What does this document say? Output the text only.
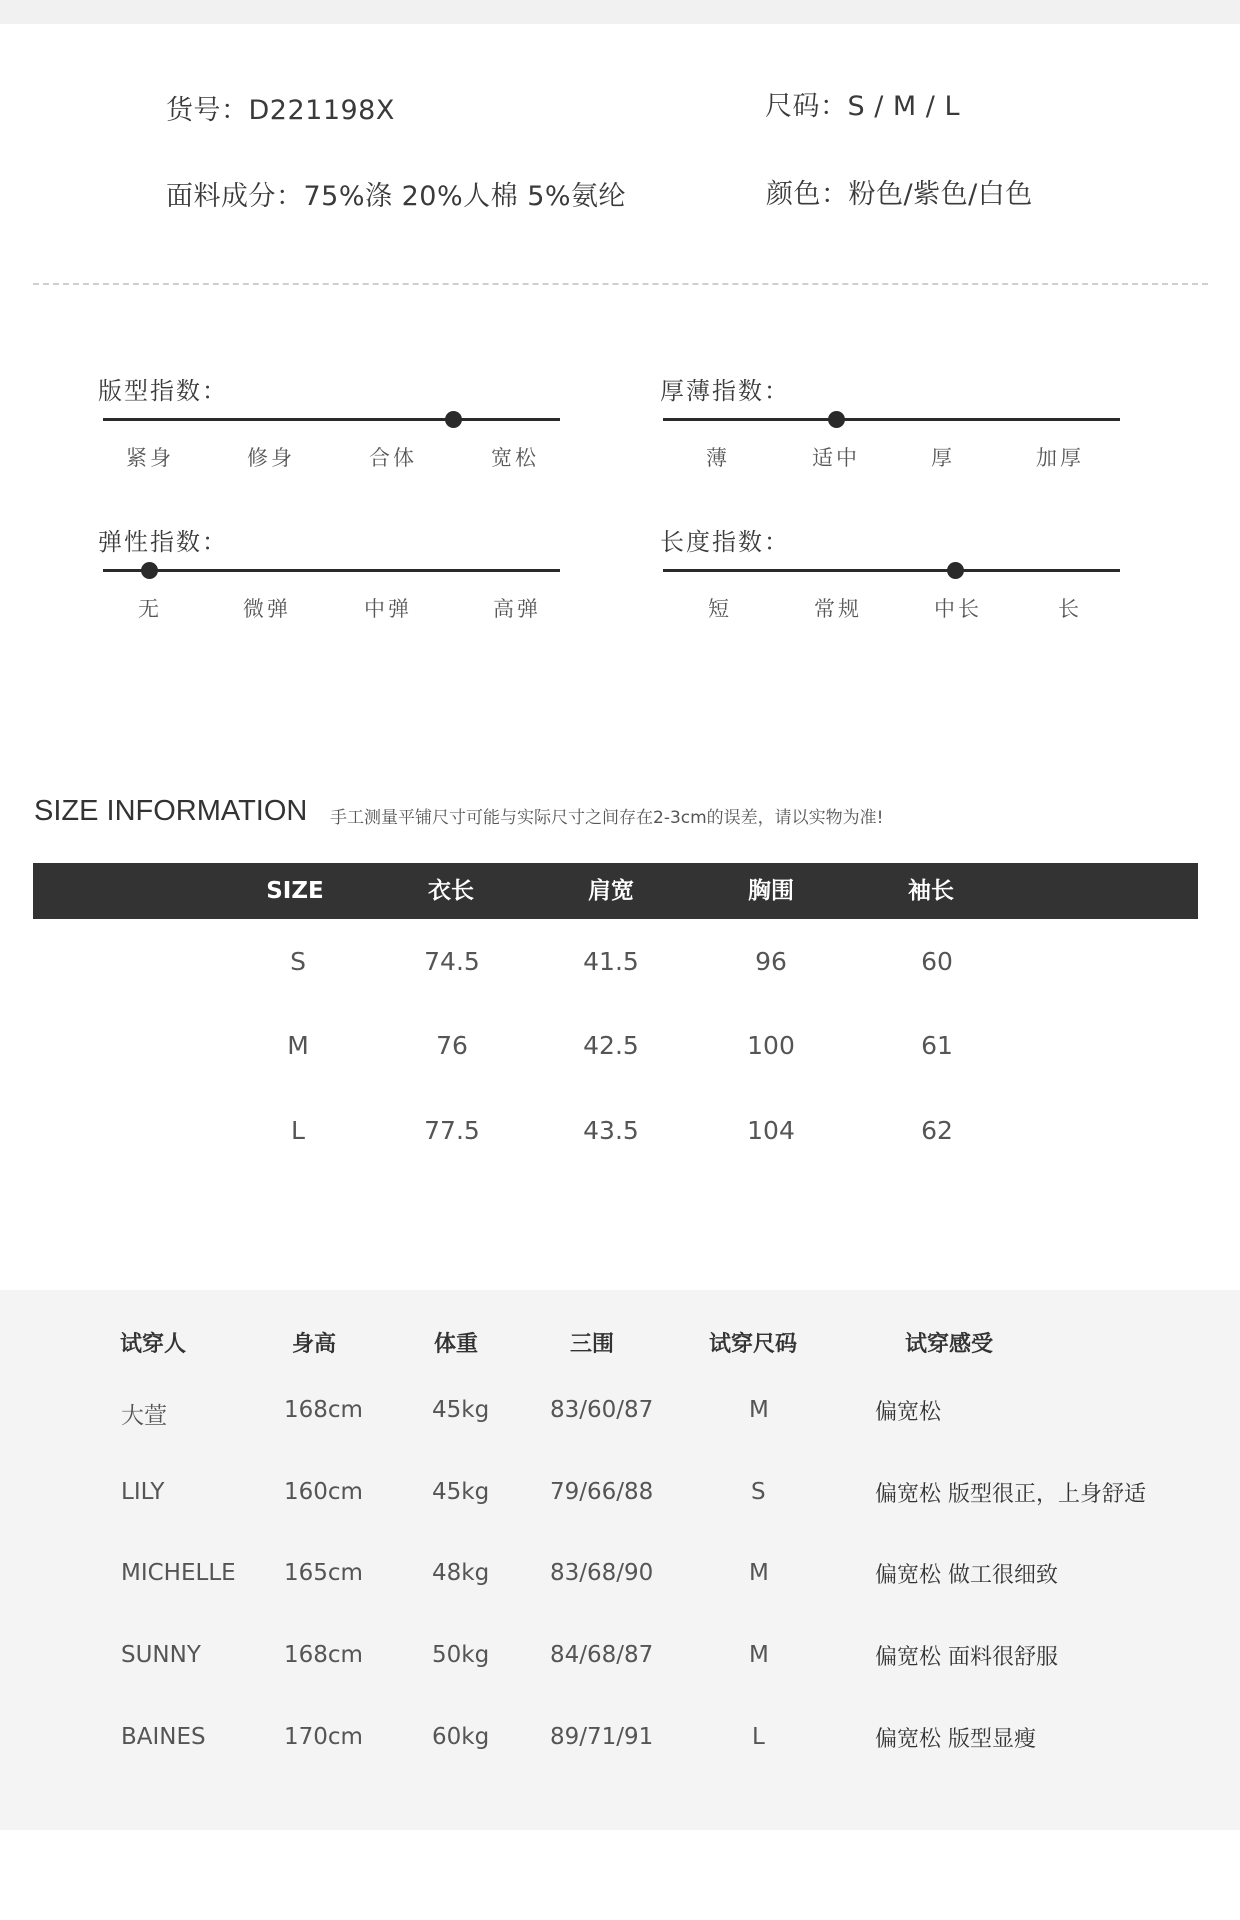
货号：D221198X	尺码：S / M / L
面料成分：75%涤 20%人棉 5%氨纶	颜色：粉色/紫色/白色
版型指数：
紧身	修身	合体	宽松
厚薄指数：
薄	适中	厚	加厚
弹性指数：
无	微弹	中弹	高弹
长度指数：
短	常规	中长	长
SIZE INFORMATION 手工测量平铺尺寸可能与实际尺寸之间存在2-3cm的误差，请以实物为准!
SIZE	衣长	肩宽	胸围	袖长
S	74.5	41.5	96	60
M	76	42.5	100	61
L	77.5	43.5	104	62
试穿人	身高	体重	三围	试穿尺码	试穿感受
大萱	168cm	45kg	83/60/87	M	偏宽松
LILY	160cm	45kg	79/66/88	S	偏宽松 版型很正，上身舒适
MICHELLE 165cm	48kg	83/68/90	M	偏宽松 做工很细致
SUNNY	168cm	50kg	84/68/87	M	偏宽松 面料很舒服
BAINES	170cm	60kg	89/71/91	L	偏宽松 版型显瘦
